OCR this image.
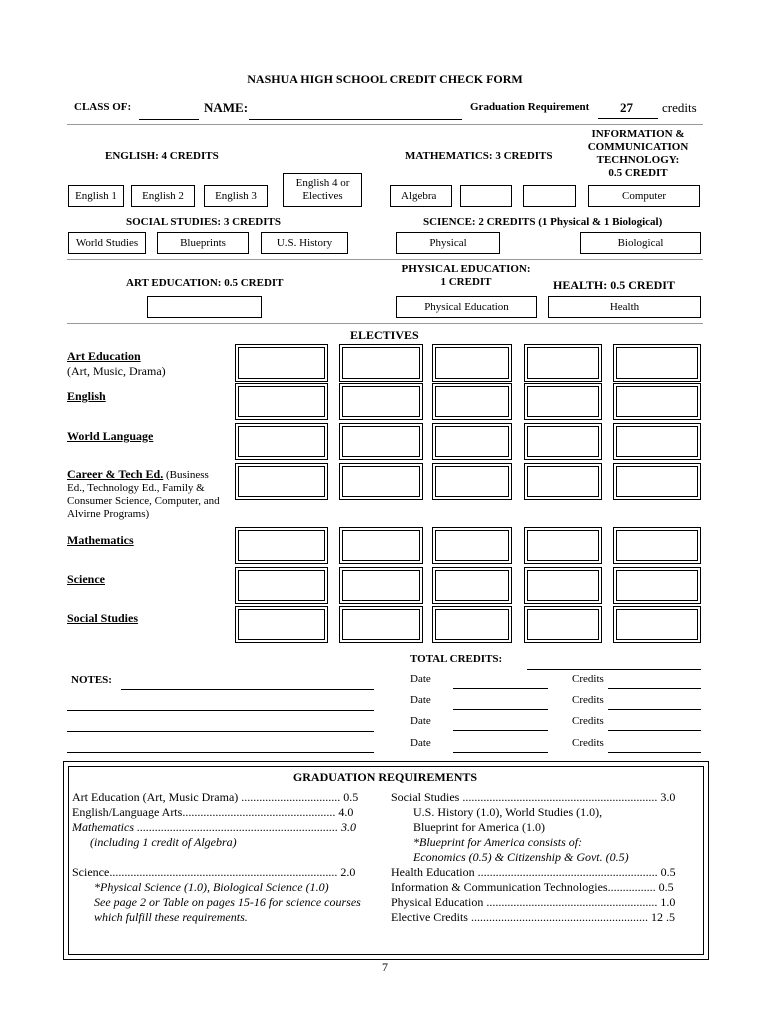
NASHUA HIGH SCHOOL CREDIT CHECK FORM
CLASS OF:	NAME:	Graduation Requirement 27 credits
ENGLISH: 4 CREDITS	MATHEMATICS: 3 CREDITS
INFORMATION &
COMMUNICATION
TECHNOLOGY:
0.5 CREDIT
English 1	English 2	English 3
English 4 or Electives	Algebra	Computer
SOCIAL STUDIES: 3 CREDITS	SCIENCE: 2 CREDITS (1 Physical & 1 Biological)
World Studies	Blueprints	U.S. History	Physical	Biological
ART EDUCATION: 0.5 CREDIT
PHYSICAL EDUCATION:
1 CREDIT	HEALTH: 0.5 CREDIT
Physical Education	Health
ELECTIVES
Art Education
(Art, Music, Drama)
English
World Language
Career & Tech Ed. (Business
Ed., Technology Ed., Family &
Consumer Science, Computer, and
Alvirne Programs)
Mathematics
Science
Social Studies
TOTAL CREDITS:
NOTES:	Date	Credits
Date	Credits
Date	Credits
Date	Credits
GRADUATION REQUIREMENTS
Art Education (Art, Music Drama) ................................. 0.5
English/Language Arts................................................... 4.0
Mathematics ................................................................... 3.0
(including 1 credit of Algebra)
Science............................................................................ 2.0
*Physical Science (1.0), Biological Science (1.0)
See page 2 or Table on pages 15-16 for science courses
which fulfill these requirements.
Social Studies ................................................................. 3.0
U.S. History (1.0), World Studies (1.0),
Blueprint for America (1.0)
*Blueprint for America consists of:
Economics (0.5) & Citizenship & Govt. (0.5)
Health Education ............................................................ 0.5
Information & Communication Technologies................ 0.5
Physical Education ......................................................... 1.0
Elective Credits ........................................................... 12 .5
7
